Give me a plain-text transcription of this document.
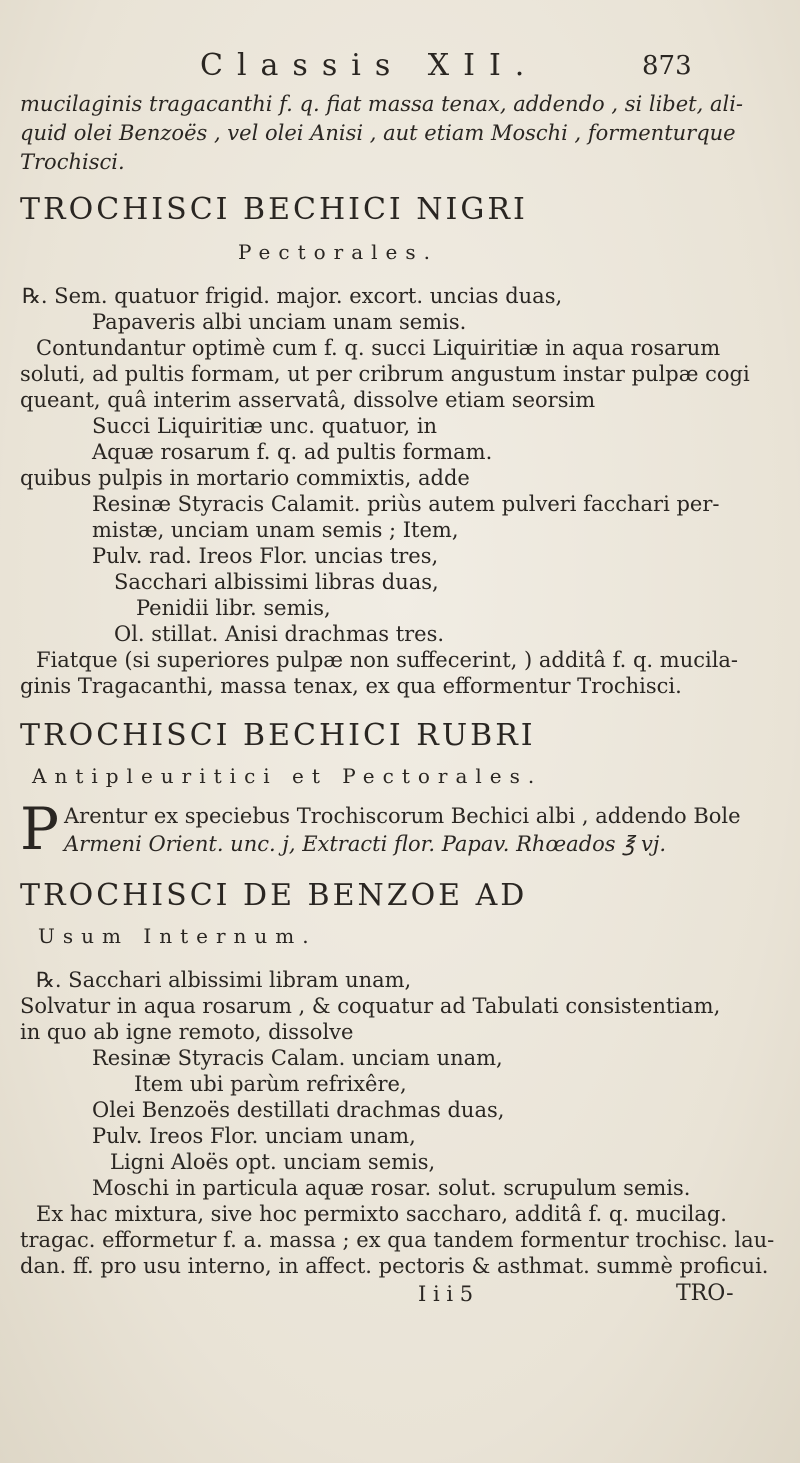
Classis XII.	873
mucilaginis tragacanthi f. q. fiat massa tenax, addendo , si libet, ali-
quid olei Benzoës , vel olei Anisi , aut etiam Moschi , formenturque
Trochisci.
TROCHISCI BECHICI NIGRI
Pectorales.
℞. Sem. quatuor frigid. major. excort. uncias duas,
Papaveris albi unciam unam semis.
Contundantur optimè cum f. q. succi Liquiritiæ in aqua rosarum
soluti, ad pultis formam, ut per cribrum angustum instar pulpæ cogi
queant, quâ interim asservatâ, dissolve etiam seorsim
Succi Liquiritiæ unc. quatuor, in
Aquæ rosarum f. q. ad pultis formam.
quibus pulpis in mortario commixtis, adde
Resinæ Styracis Calamit. priùs autem pulveri facchari per-
mistæ, unciam unam semis ; Item,
Pulv. rad. Ireos Flor. uncias tres,
Sacchari albissimi libras duas,
Penidii libr. semis,
Ol. stillat. Anisi drachmas tres.
Fiatque (si superiores pulpæ non suffecerint, ) additâ f. q. mucila-
ginis Tragacanthi, massa tenax, ex qua efformentur Trochisci.
TROCHISCI BECHICI RUBRI
Antipleuritici et Pectorales.
P Arentur ex speciebus Trochiscorum Bechici albi , addendo Bole
Armeni Orient. unc. j, Extracti flor. Papav. Rhœados ℥ vj.
TROCHISCI DE BENZOE AD
Usum Internum.
℞. Sacchari albissimi libram unam,
Solvatur in aqua rosarum , & coquatur ad Tabulati consistentiam,
in quo ab igne remoto, dissolve
Resinæ Styracis Calam. unciam unam,
Item ubi parùm refrixêre,
Olei Benzoës destillati drachmas duas,
Pulv. Ireos Flor. unciam unam,
Ligni Aloës opt. unciam semis,
Moschi in particula aquæ rosar. solut. scrupulum semis.
Ex hac mixtura, sive hoc permixto sacchаro, additâ f. q. mucilag.
tragac. efformetur f. a. massa ; ex qua tandem formentur trochisc. lau-
dan. ff. pro usu interno, in affect. pectoris & asthmat. summè proficui.
I i i 5	TRO-
